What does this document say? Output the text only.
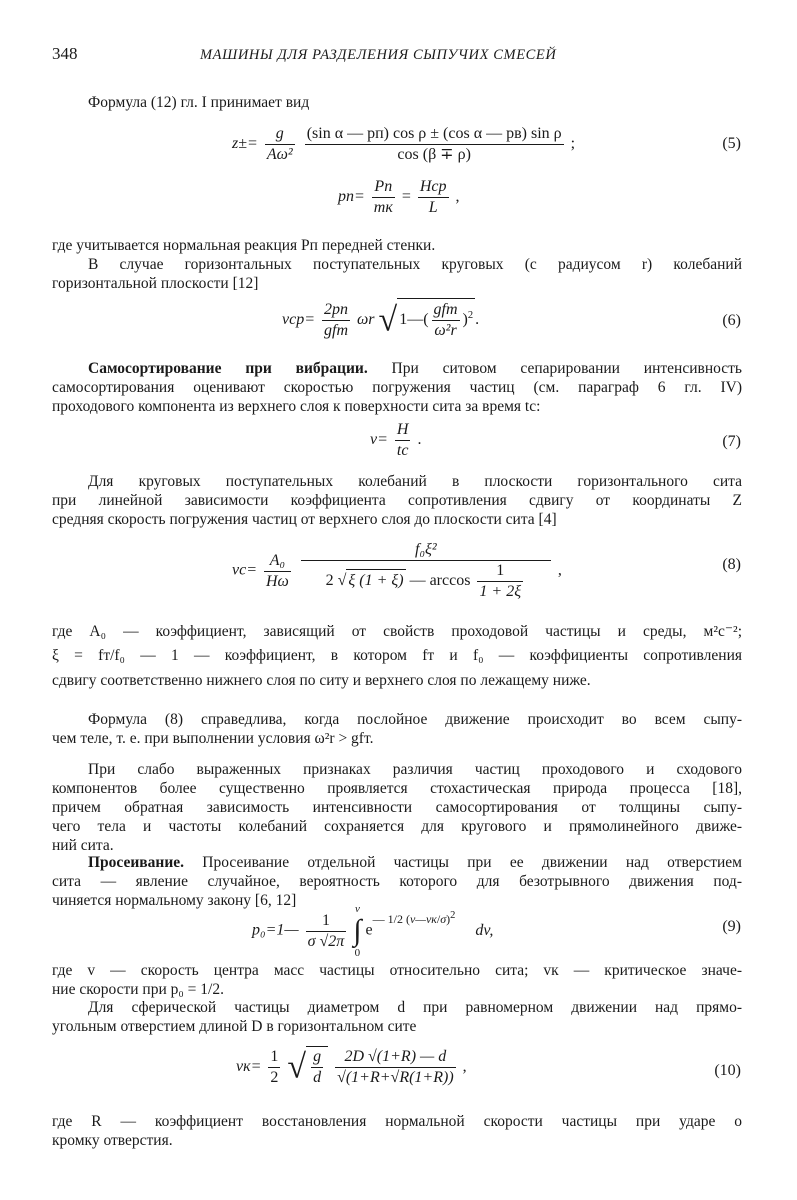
348	МАШИНЫ ДЛЯ РАЗДЕЛЕНИЯ СЫПУЧИХ СМЕСЕЙ
Формула (12) гл. I принимает вид
$z\pm= \frac{g}{\text{Aω²}}$
$\frac{\text{(sin α — pп) cos ρ ± (cos α — pв) sin ρ}}{\cos (\beta \mp \rho)}$ ;	(5)
$pп= \frac{Pп}{mк} = \frac{\text{Hср}}{L}$ ,
где учитывается нормальная реакция Pп передней стенки.
В случае горизонтальных поступательных круговых (с радиусом r) колебаний
горизонтальной плоскости [12]
$vср= \frac{2pп}{\text{gfт}}$ ωr √ 1—( $\frac{\text{gfт}}{\text{ω²r}} )^2$ .	(6)
Самосортирование при вибрации. При ситовом сепарировании интенсивность
самосортирования оценивают скоростью погружения частиц (см. параграф 6 гл. IV)
проходового компонента из верхнего слоя к поверхности сита за время tс:
$v= \frac{H}{tс}$ .	(7)
Для круговых поступательных колебаний в плоскости горизонтального сита
при линейной зависимости коэффициента сопротивления сдвигу от координаты Z
средняя скорость погружения частиц от верхнего слоя до плоскости сита [4]
$vс= \frac{\text{A₀}}{H\omega}$
$\frac{\text{f₀ξ²}}{2 √ \xi (1 + \xi) — \arccos \frac{1}{1 + 2\xi}}$ ,	(8)
где A₀ — коэффициент, зависящий от свойств проходовой частицы и среды, м²с⁻²;
ξ = fт/f₀ — 1 — коэффициент, в котором fт и f₀ — коэффициенты сопротивления
сдвигу соответственно нижнего слоя по ситу и верхнего слоя по лежащему ниже.
Формула (8) справедлива, когда послойное движение происходит во всем сыпу-
чем теле, т. е. при выполнении условия ω²r > gfт.
При слабо выраженных признаках различия частиц проходового и сходового
компонентов более существенно проявляется стохастическая природа процесса [18],
причем обратная зависимость интенсивности самосортирования от толщины сыпу-
чего тела и частоты колебаний сохраняется для кругового и прямолинейного движе-
ний сита.
Просеивание. Просеивание отдельной частицы при ее движении над отверстием
сита — явление случайное, вероятность которого для безотрывного движения под-
чиняется нормальному закону [6, 12]
p₀=1— $\frac{1}{\sigma √2\pi}$

v
∫
0
$e^{— 1/2 (v—vк/\sigma)^2}$ dv,	(9)
где v — скорость центра масс частицы относительно сита; vк — критическое значе-
ние скорости при p₀ = 1/2.
Для сферической частицы диаметром d при равномерном движении над прямо-
угольным отверстием длиной D в горизонтальном сите
$vк= \frac{1}{2}$ √ $\frac{g}{d}$
$\frac{2D √(1+R) — d}{√(1+R+√R(1+R))}$ ,	(10)
где R — коэффициент восстановления нормальной скорости частицы при ударе о
кромку отверстия.
